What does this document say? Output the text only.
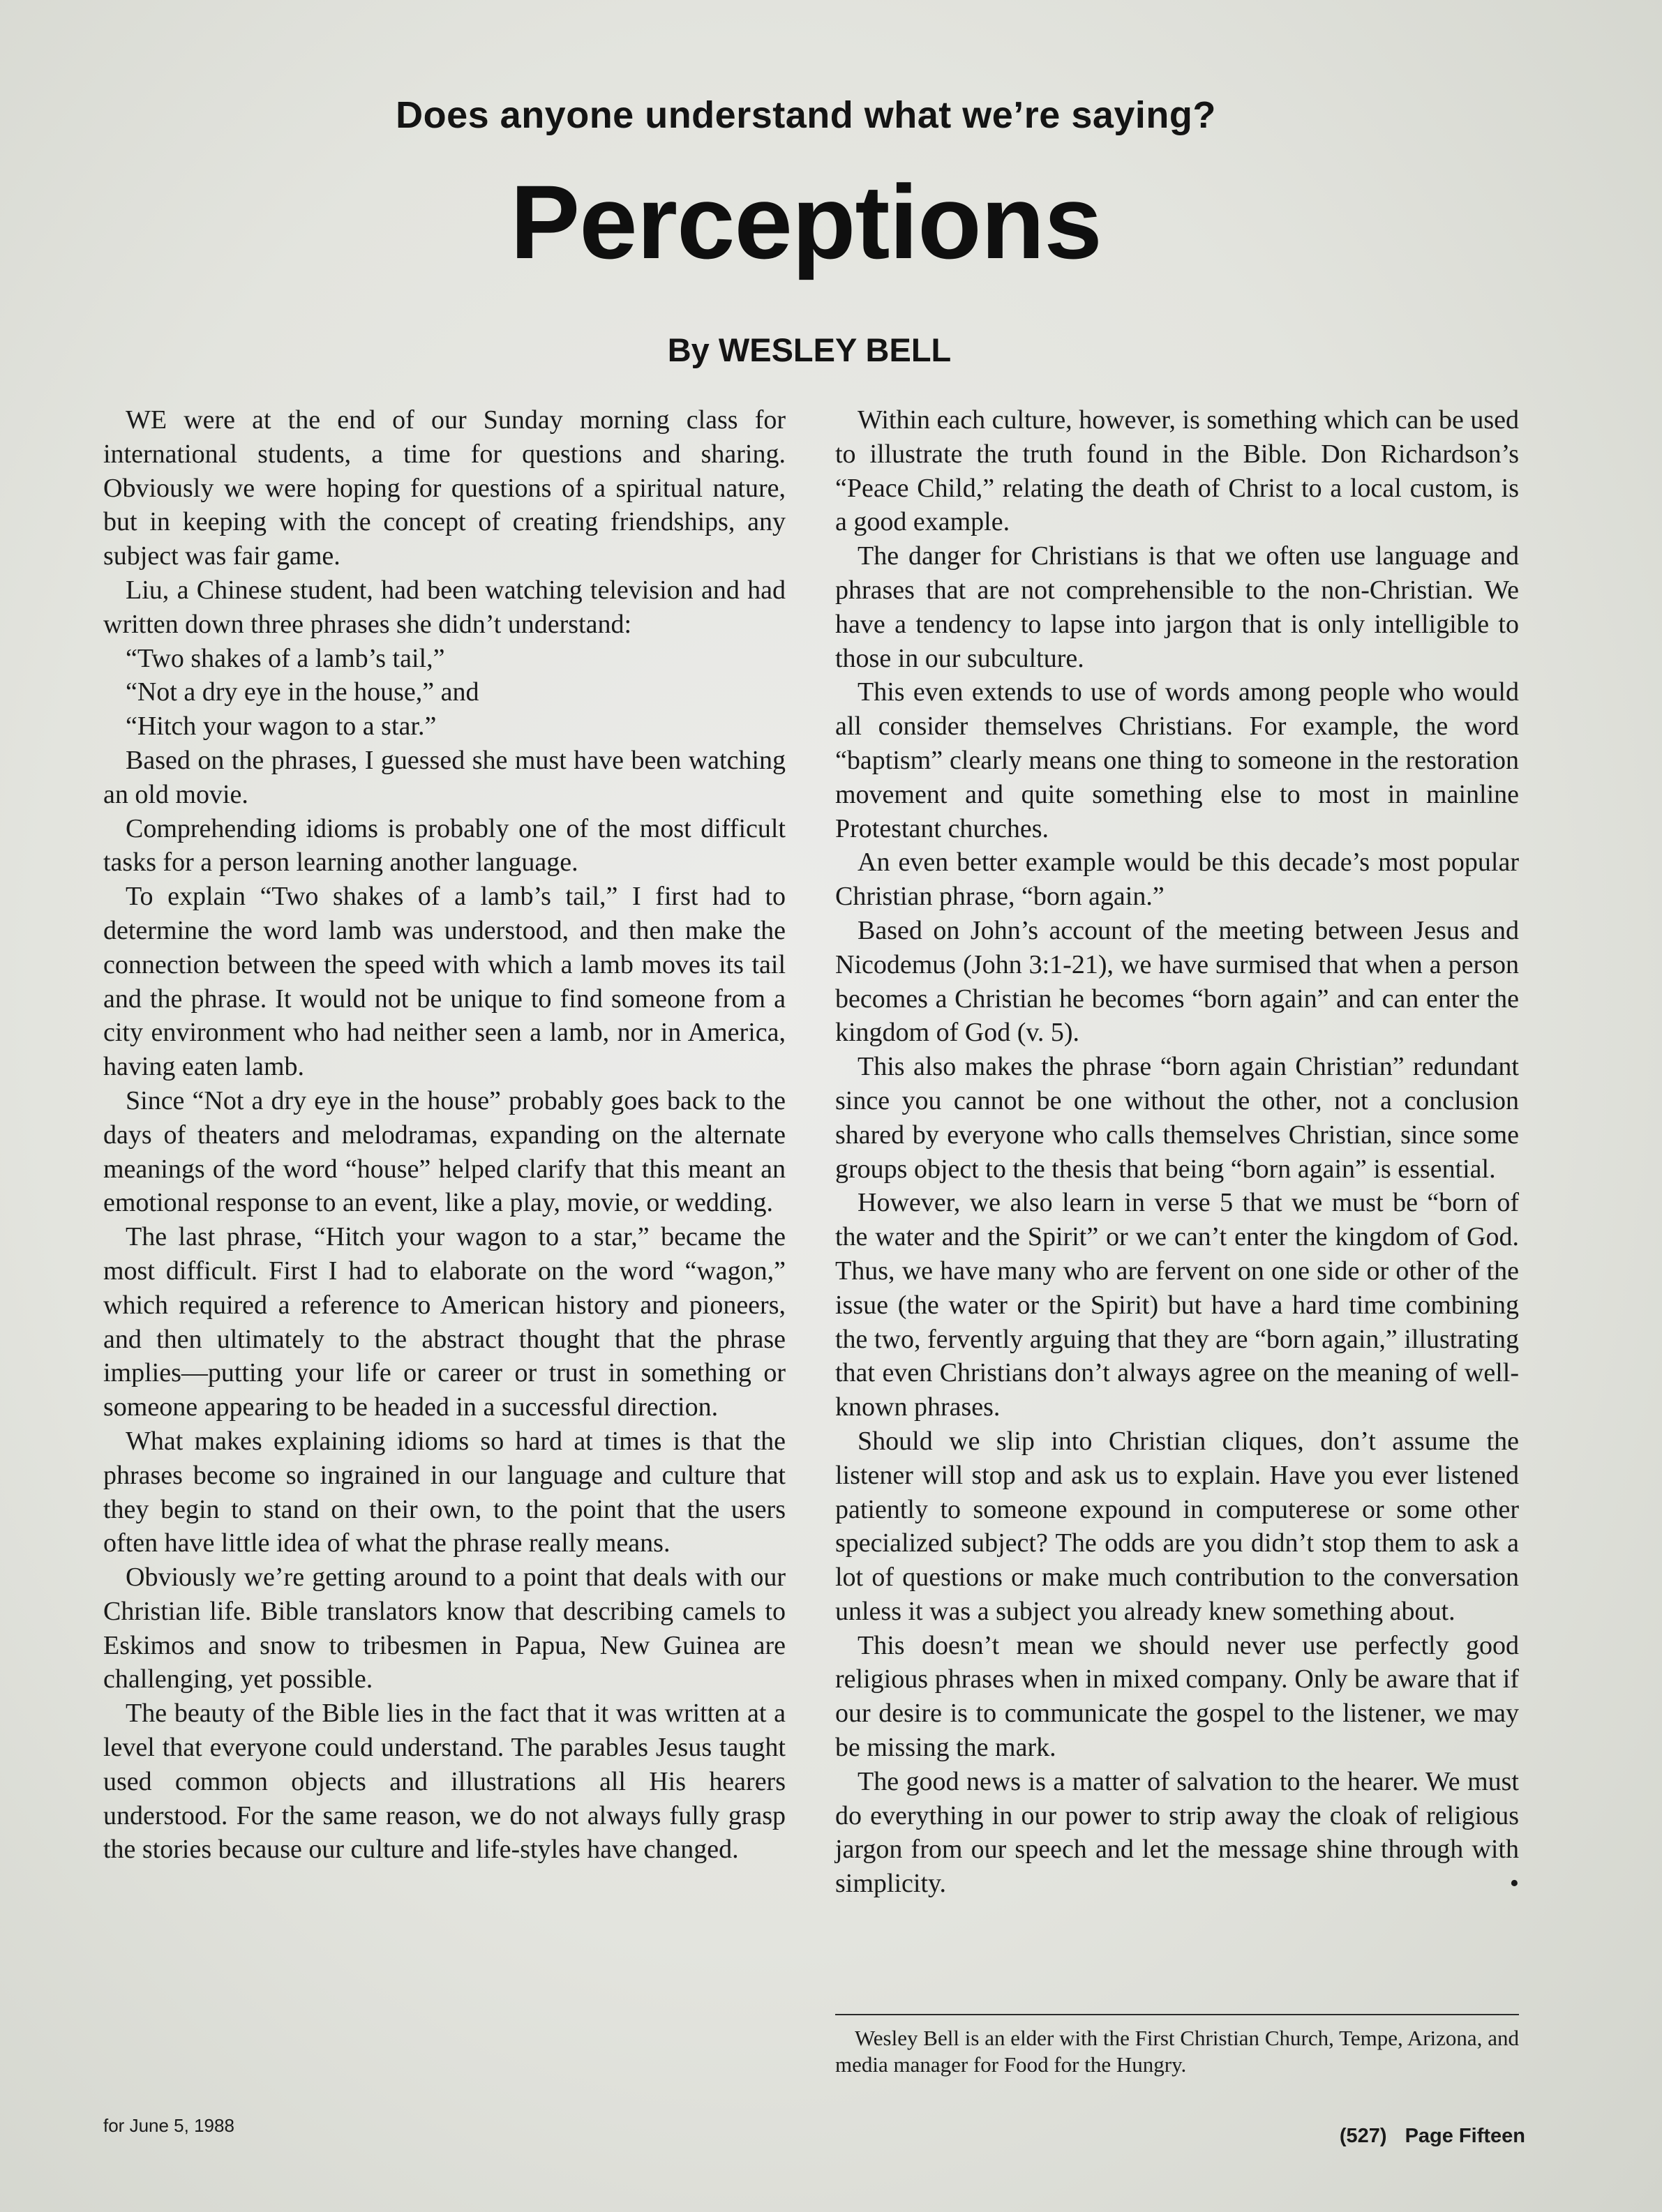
Does anyone understand what we’re saying?
Perceptions
By WESLEY BELL

WE were at the end of our Sunday morning class for international students, a time for questions and sharing. Obviously we were hoping for questions of a spiritual nature, but in keeping with the concept of creating friendships, any subject was fair game.

Liu, a Chinese student, had been watching television and had written down three phrases she didn’t understand:

“Two shakes of a lamb’s tail,”

“Not a dry eye in the house,” and

“Hitch your wagon to a star.”

Based on the phrases, I guessed she must have been watching an old movie.

Comprehending idioms is probably one of the most difficult tasks for a person learning another language.

To explain “Two shakes of a lamb’s tail,” I first had to determine the word lamb was understood, and then make the connection between the speed with which a lamb moves its tail and the phrase. It would not be unique to find someone from a city environment who had neither seen a lamb, nor in America, having eaten lamb.

Since “Not a dry eye in the house” probably goes back to the days of theaters and melodramas, expanding on the alternate meanings of the word “house” helped clarify that this meant an emotional response to an event, like a play, movie, or wedding.

The last phrase, “Hitch your wagon to a star,” became the most difficult. First I had to elaborate on the word “wagon,” which required a reference to American history and pioneers, and then ultimately to the abstract thought that the phrase implies—putting your life or career or trust in something or someone appearing to be headed in a successful direction.

What makes explaining idioms so hard at times is that the phrases become so ingrained in our language and culture that they begin to stand on their own, to the point that the users often have little idea of what the phrase really means.

Obviously we’re getting around to a point that deals with our Christian life. Bible translators know that describing camels to Eskimos and snow to tribesmen in Papua, New Guinea are challenging, yet possible.

The beauty of the Bible lies in the fact that it was written at a level that everyone could understand. The parables Jesus taught used common objects and illustrations all His hearers understood. For the same reason, we do not always fully grasp the stories because our culture and life-styles have changed.

Within each culture, however, is something which can be used to illustrate the truth found in the Bible. Don Richardson’s “Peace Child,” relating the death of Christ to a local custom, is a good example.

The danger for Christians is that we often use language and phrases that are not comprehensible to the non-Christian. We have a tendency to lapse into jargon that is only intelligible to those in our subculture.

This even extends to use of words among people who would all consider themselves Christians. For example, the word “baptism” clearly means one thing to someone in the restoration movement and quite something else to most in mainline Protestant churches.

An even better example would be this decade’s most popular Christian phrase, “born again.”

Based on John’s account of the meeting between Jesus and Nicodemus (John 3:1-21), we have surmised that when a person becomes a Christian he becomes “born again” and can enter the kingdom of God (v. 5).

This also makes the phrase “born again Christian” redundant since you cannot be one without the other, not a conclusion shared by everyone who calls themselves Christian, since some groups object to the thesis that being “born again” is essential.

However, we also learn in verse 5 that we must be “born of the water and the Spirit” or we can’t enter the kingdom of God. Thus, we have many who are fervent on one side or other of the issue (the water or the Spirit) but have a hard time combining the two, fervently arguing that they are “born again,” illustrating that even Christians don’t always agree on the meaning of well-known phrases.

Should we slip into Christian cliques, don’t assume the listener will stop and ask us to explain. Have you ever listened patiently to someone expound in computerese or some other specialized subject? The odds are you didn’t stop them to ask a lot of questions or make much contribution to the conversation unless it was a subject you already knew something about.

This doesn’t mean we should never use perfectly good religious phrases when in mixed company. Only be aware that if our desire is to communicate the gospel to the listener, we may be missing the mark.

The good news is a matter of salvation to the hearer. We must do everything in our power to strip away the cloak of religious jargon from our speech and let the message shine through with simplicity.	•

Wesley Bell is an elder with the First Christian Church, Tempe, Arizona, and media manager for Food for the Hungry.

for June 5, 1988	(527) Page Fifteen
